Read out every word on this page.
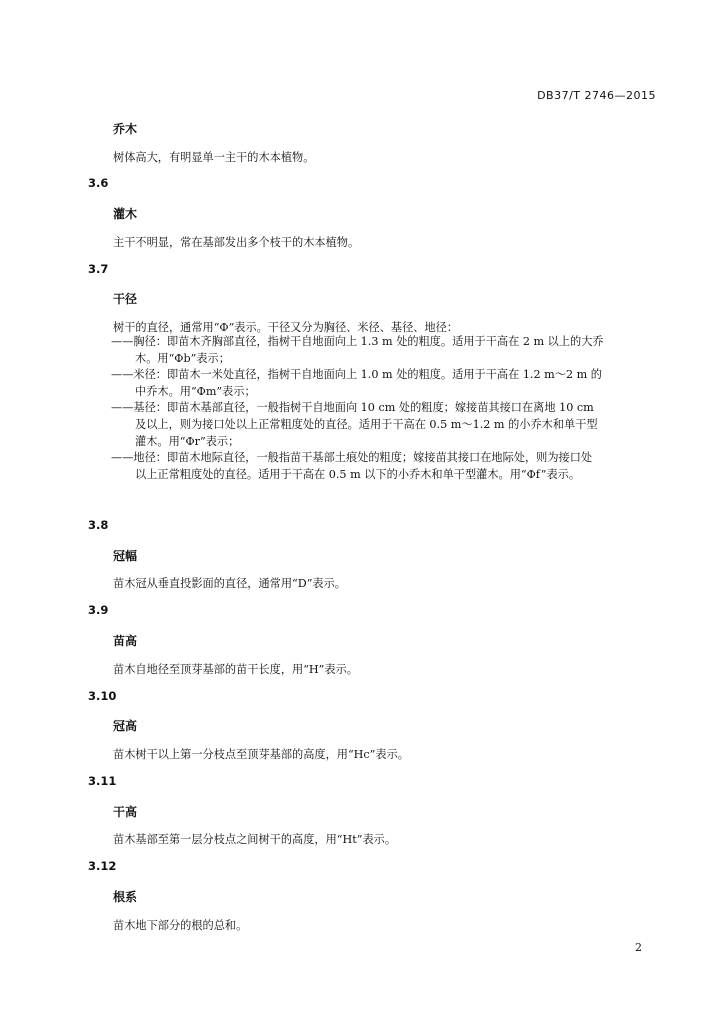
DB37/T 2746—2015
乔木
树体高大，有明显单一主干的木本植物。
3.6
灌木
主干不明显，常在基部发出多个枝干的木本植物。
3.7
干径
树干的直径，通常用“Φ”表示。干径又分为胸径、米径、基径、地径：
——胸径：即苗木齐胸部直径，指树干自地面向上 1.3 m 处的粗度。适用于干高在 2 m 以上的大乔
木。用“Φb”表示；
——米径：即苗木一米处直径，指树干自地面向上 1.0 m 处的粗度。适用于干高在 1.2 m～2 m 的
中乔木。用“Φm”表示；
——基径：即苗木基部直径，一般指树干自地面向 10 cm 处的粗度；嫁接苗其接口在离地 10 cm
及以上，则为接口处以上正常粗度处的直径。适用于干高在 0.5 m～1.2 m 的小乔木和单干型
灌木。用“Φr”表示；
——地径：即苗木地际直径，一般指苗干基部土痕处的粗度；嫁接苗其接口在地际处，则为接口处
以上正常粗度处的直径。适用于干高在 0.5 m 以下的小乔木和单干型灌木。用“Φf”表示。
3.8
冠幅
苗木冠从垂直投影面的直径，通常用“D”表示。
3.9
苗高
苗木自地径至顶芽基部的苗干长度，用“H”表示。
3.10
冠高
苗木树干以上第一分枝点至顶芽基部的高度，用“Hc”表示。
3.11
干高
苗木基部至第一层分枝点之间树干的高度，用“Ht”表示。
3.12
根系
苗木地下部分的根的总和。
2
